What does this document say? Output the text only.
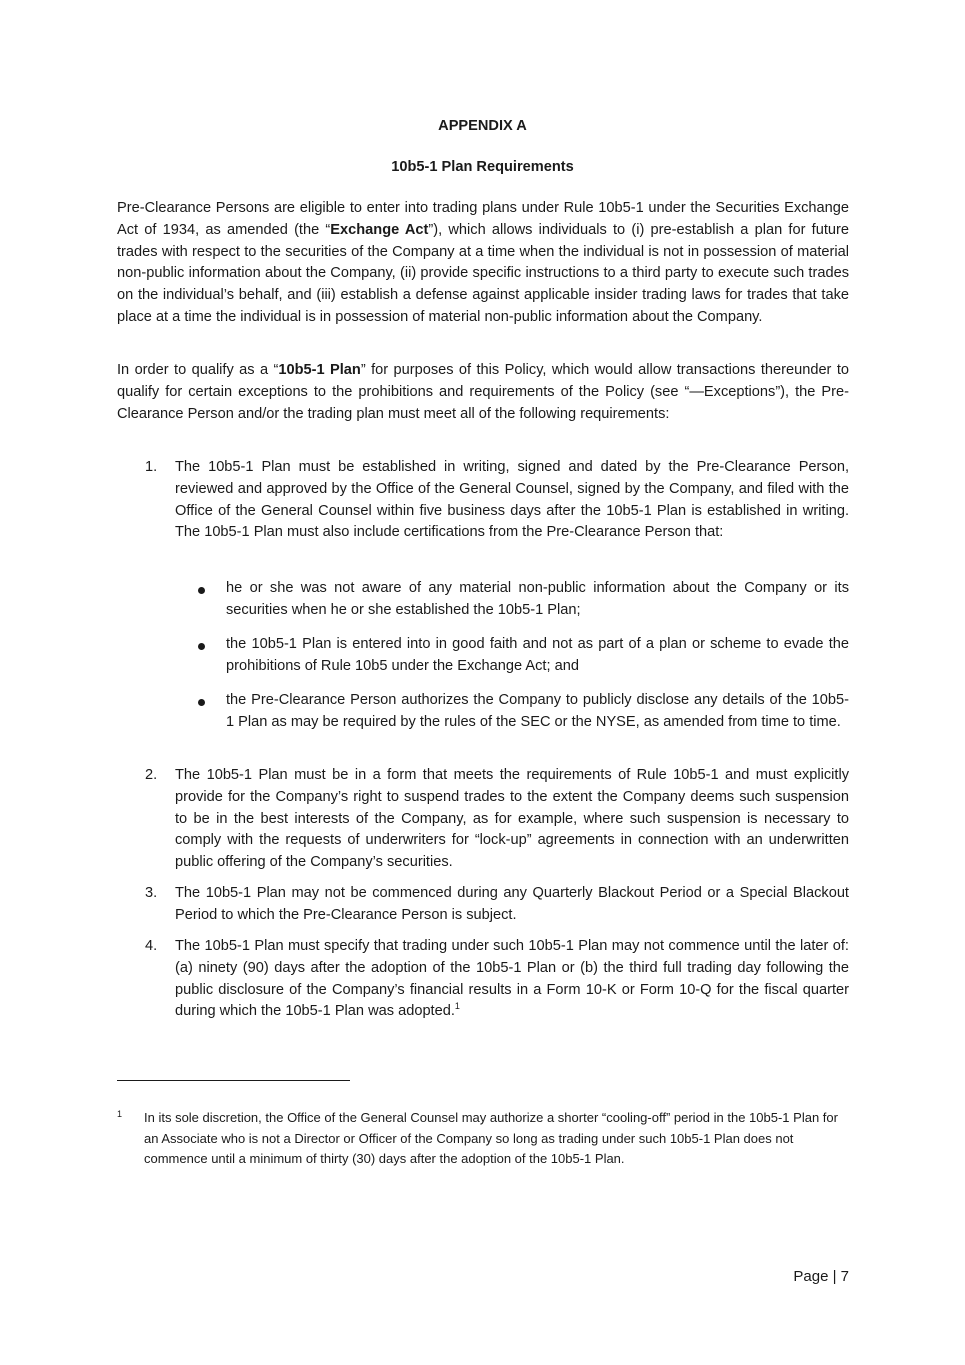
APPENDIX A
10b5-1 Plan Requirements

Pre-Clearance Persons are eligible to enter into trading plans under Rule 10b5-1 under the Securities Exchange Act of 1934, as amended (the “Exchange Act”), which allows individuals to (i) pre-establish a plan for future trades with respect to the securities of the Company at a time when the individual is not in possession of material non-public information about the Company, (ii) provide specific instructions to a third party to execute such trades on the individual’s behalf, and (iii) establish a defense against applicable insider trading laws for trades that take place at a time the individual is in possession of material non-public information about the Company.

In order to qualify as a “10b5-1 Plan” for purposes of this Policy, which would allow transactions thereunder to qualify for certain exceptions to the prohibitions and requirements of the Policy (see “—Exceptions”), the Pre-Clearance Person and/or the trading plan must meet all of the following requirements:

1.	The 10b5-1 Plan must be established in writing, signed and dated by the Pre-Clearance Person, reviewed and approved by the Office of the General Counsel, signed by the Company, and filed with the Office of the General Counsel within five business days after the 10b5-1 Plan is established in writing. The 10b5-1 Plan must also include certifications from the Pre-Clearance Person that:
he or she was not aware of any material non-public information about the Company or its securities when he or she established the 10b5-1 Plan;
the 10b5-1 Plan is entered into in good faith and not as part of a plan or scheme to evade the prohibitions of Rule 10b5 under the Exchange Act; and
the Pre-Clearance Person authorizes the Company to publicly disclose any details of the 10b5- 1 Plan as may be required by the rules of the SEC or the NYSE, as amended from time to time.
2.	The 10b5-1 Plan must be in a form that meets the requirements of Rule 10b5-1 and must explicitly provide for the Company’s right to suspend trades to the extent the Company deems such suspension to be in the best interests of the Company, as for example, where such suspension is necessary to comply with the requests of underwriters for “lock-up” agreements in connection with an underwritten public offering of the Company’s securities.
3.	The 10b5-1 Plan may not be commenced during any Quarterly Blackout Period or a Special Blackout Period to which the Pre-Clearance Person is subject.
4.	The 10b5-1 Plan must specify that trading under such 10b5-1 Plan may not commence until the later of: (a) ninety (90) days after the adoption of the 10b5-1 Plan or (b) the third full trading day following the public disclosure of the Company’s financial results in a Form 10-K or Form 10-Q for the fiscal quarter during which the 10b5-1 Plan was adopted.$^1$
1 In its sole discretion, the Office of the General Counsel may authorize a shorter “cooling-off” period in the 10b5-1 Plan for an Associate who is not a Director or Officer of the Company so long as trading under such 10b5-1 Plan does not commence until a minimum of thirty (30) days after the adoption of the 10b5-1 Plan.
Page | 7
